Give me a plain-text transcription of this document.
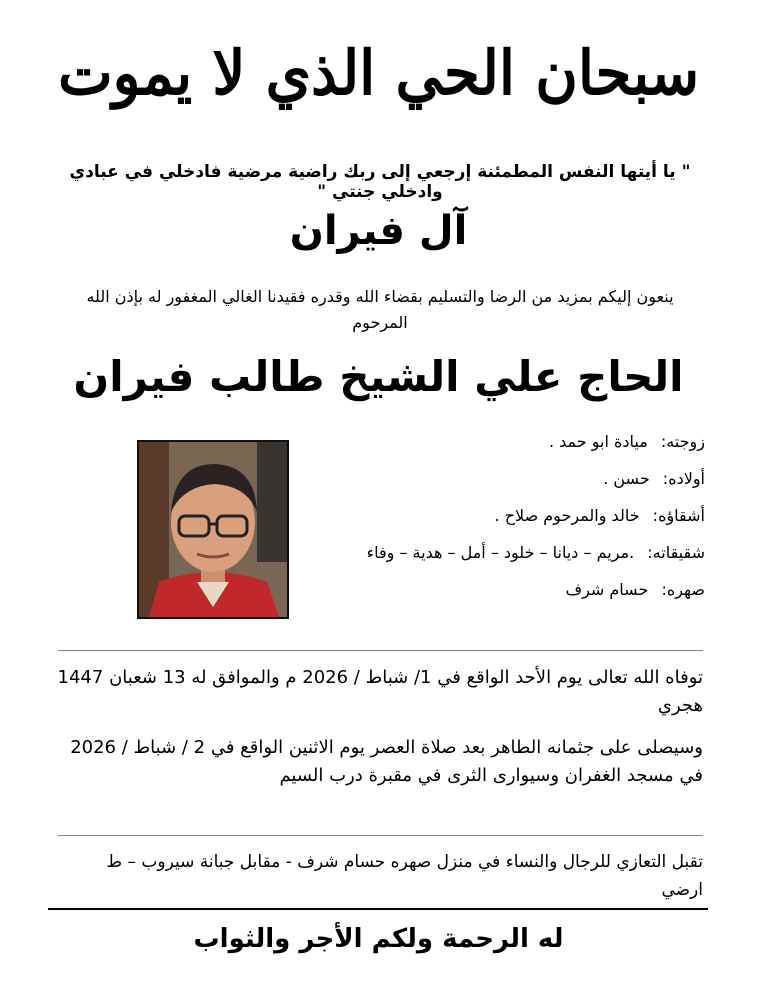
سبحان الحي الذي لا يموت
" يا أيتها النفس المطمئنة إرجعي إلى ربك راضية مرضية فادخلي في عبادي وادخلي جنتي "
آل فيران
ينعون إليكم بمزيد من الرضا والتسليم بقضاء الله وقدره فقيدنا الغالي المغفور له بإذن الله
المرحوم
الحاج علي الشيخ طالب فيران
زوجته: ميادة ابو حمد .
أولاده: حسن .
أشقاؤه: خالد والمرحوم صلاح .
شقيقاته: .مريم – ديانا – خلود – أمل – هدية – وفاء
صهره: حسام شرف
توفاه الله تعالى يوم الأحد الواقع في 1/ شباط / 2026 م والموافق له 13 شعبان 1447
هجري
وسيصلى على جثمانه الطاهر بعد صلاة العصر يوم الاثنين الواقع في 2 / شباط / 2026
في مسجد الغفران وسيوارى الثرى في مقبرة درب السيم
تقبل التعازي للرجال والنساء في منزل صهره حسام شرف - مقابل جبانة سيروب – ط
ارضي
له الرحمة ولكم الأجر والثواب
